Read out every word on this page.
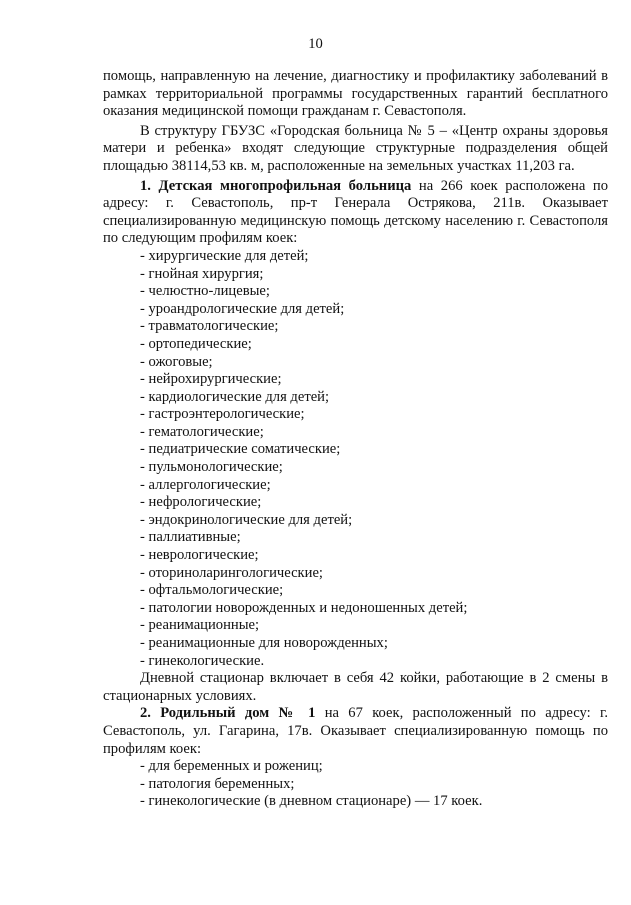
10

помощь, направленную на лечение, диагностику и профилактику заболеваний в рамках территориальной программы государственных гарантий бесплатного оказания медицинской помощи гражданам г. Севастополя.

В структуру ГБУЗС «Городская больница № 5 – «Центр охраны здоровья матери и ребенка» входят следующие структурные подразделения общей площадью 38114,53 кв. м, расположенные на земельных участках 11,203 га.

1. Детская многопрофильная больница на 266 коек расположена по адресу: г. Севастополь, пр-т Генерала Острякова, 211в. Оказывает специализированную медицинскую помощь детскому населению г. Севастополя по следующим профилям коек:

- хирургические для детей;
- гнойная хирургия;
- челюстно-лицевые;
- уроандрологические для детей;
- травматологические;
- ортопедические;
- ожоговые;
- нейрохирургические;
- кардиологические для детей;
- гастроэнтерологические;
- гематологические;
- педиатрические соматические;
- пульмонологические;
- аллергологические;
- нефрологические;
- эндокринологические для детей;
- паллиативные;
- неврологические;
- оториноларингологические;
- офтальмологические;
- патологии новорожденных и недоношенных детей;
- реанимационные;
- реанимационные для новорожденных;
- гинекологические.

Дневной стационар включает в себя 42 койки, работающие в 2 смены в стационарных условиях.

2. Родильный дом № 1 на 67 коек, расположенный по адресу: г. Севастополь, ул. Гагарина, 17в. Оказывает специализированную помощь по профилям коек:

- для беременных и рожениц;
- патология беременных;
- гинекологические (в дневном стационаре) — 17 коек.
